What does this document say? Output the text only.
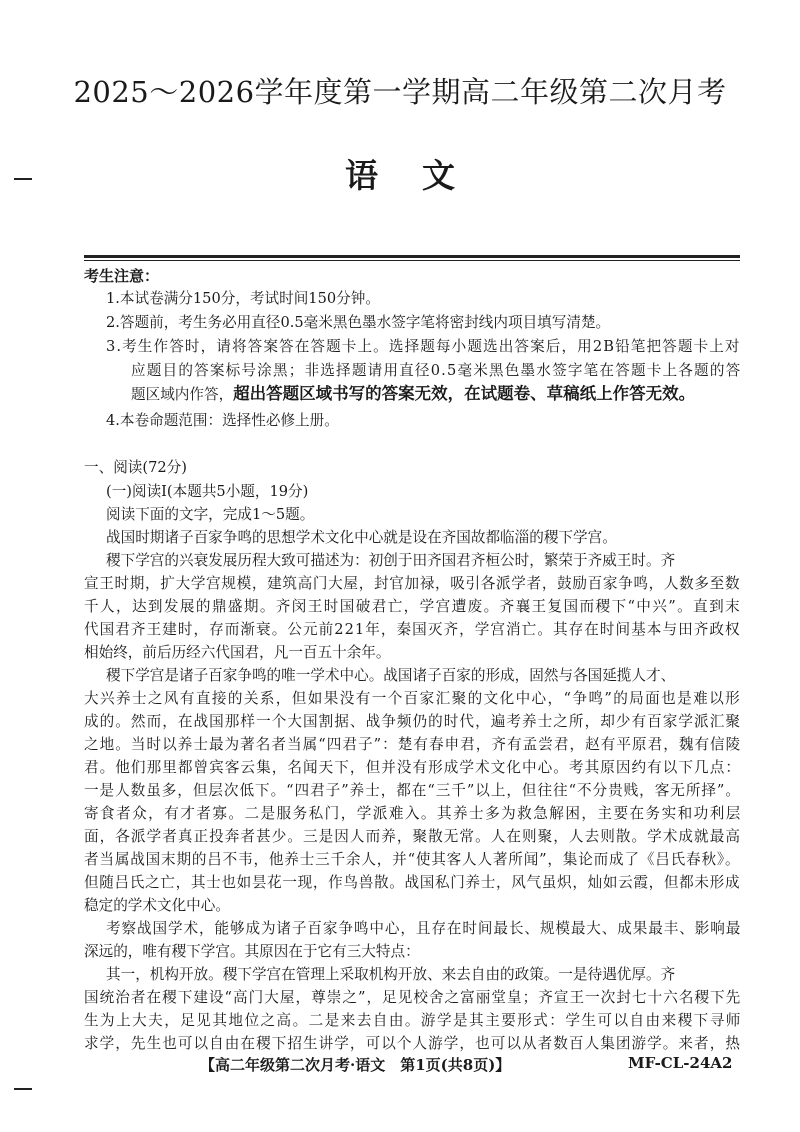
2025～2026学年度第一学期高二年级第二次月考
语文
考生注意：
1.本试卷满分150分，考试时间150分钟。
2.答题前，考生务必用直径0.5毫米黑色墨水签字笔将密封线内项目填写清楚。
3.考生作答时，请将答案答在答题卡上。选择题每小题选出答案后，用2B铅笔把答题卡上对
应题目的答案标号涂黑；非选择题请用直径0.5毫米黑色墨水签字笔在答题卡上各题的答
题区域内作答，超出答题区域书写的答案无效，在试题卷、草稿纸上作答无效。
4.本卷命题范围：选择性必修上册。
一、阅读(72分)
(一)阅读Ⅰ(本题共5小题，19分)
阅读下面的文字，完成1～5题。
战国时期诸子百家争鸣的思想学术文化中心就是设在齐国故都临淄的稷下学宫。
稷下学宫的兴衰发展历程大致可描述为：初创于田齐国君齐桓公时，繁荣于齐威王时。齐
宣王时期，扩大学宫规模，建筑高门大屋，封官加禄，吸引各派学者，鼓励百家争鸣，人数多至数
千人，达到发展的鼎盛期。齐闵王时国破君亡，学宫遭废。齐襄王复国而稷下“中兴”。直到末
代国君齐王建时，存而渐衰。公元前221年，秦国灭齐，学宫消亡。其存在时间基本与田齐政权
相始终，前后历经六代国君，凡一百五十余年。
稷下学宫是诸子百家争鸣的唯一学术中心。战国诸子百家的形成，固然与各国延揽人才、
大兴养士之风有直接的关系，但如果没有一个百家汇聚的文化中心，“争鸣”的局面也是难以形
成的。然而，在战国那样一个大国割据、战争频仍的时代，遍考养士之所，却少有百家学派汇聚
之地。当时以养士最为著名者当属“四君子”：楚有春申君，齐有孟尝君，赵有平原君，魏有信陵
君。他们那里都曾宾客云集，名闻天下，但并没有形成学术文化中心。考其原因约有以下几点：
一是人数虽多，但层次低下。“四君子”养士，都在“三千”以上，但往往“不分贵贱，客无所择”。
寄食者众，有才者寡。二是服务私门，学派难入。其养士多为救急解困，主要在务实和功利层
面，各派学者真正投奔者甚少。三是因人而养，聚散无常。人在则聚，人去则散。学术成就最高
者当属战国末期的吕不韦，他养士三千余人，并“使其客人人著所闻”，集论而成了《吕氏春秋》。
但随吕氏之亡，其士也如昙花一现，作鸟兽散。战国私门养士，风气虽炽，灿如云霞，但都未形成
稳定的学术文化中心。
考察战国学术，能够成为诸子百家争鸣中心，且存在时间最长、规模最大、成果最丰、影响最
深远的，唯有稷下学宫。其原因在于它有三大特点：
其一，机构开放。稷下学宫在管理上采取机构开放、来去自由的政策。一是待遇优厚。齐
国统治者在稷下建设“高门大屋，尊崇之”，足见校舍之富丽堂皇；齐宣王一次封七十六名稷下先
生为上大夫，足见其地位之高。二是来去自由。游学是其主要形式：学生可以自由来稷下寻师
求学，先生也可以自由在稷下招生讲学，可以个人游学，也可以从者数百人集团游学。来者，热
【高二年级第二次月考·语文　第1页(共8页)】	MF-CL-24A2
